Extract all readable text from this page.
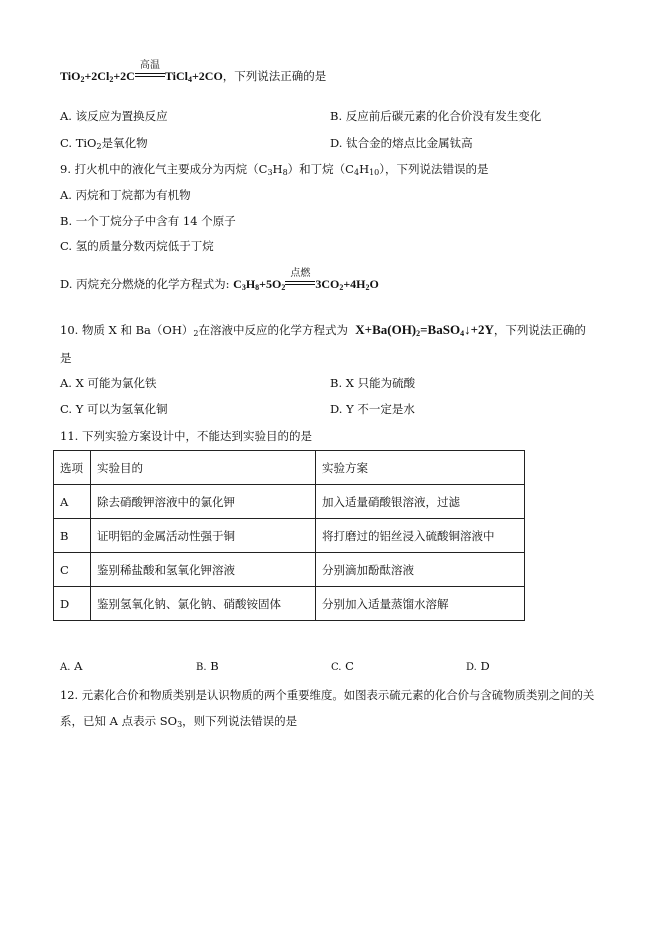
$TiO_2+2Cl_2+2C$
高温
TiCl$_4$+2CO，下列说法正确的是
A. 该反应为置换反应	B. 反应前后碳元素的化合价没有发生变化
C. TiO$_2$是氧化物	D. 钛合金的熔点比金属钛高
9. 打火机中的液化气主要成分为丙烷$(C_3H_8)$和丁烷$(C_4H_{10})$，下列说法错误的是
A. 丙烷和丁烷都为有机物
B. 一个丁烷分子中含有 14 个原子
C. 氢的质量分数丙烷低于丁烷
D. 丙烷充分燃烧的化学方程式为: $C_3H_8+5O_2$
点燃
$3CO_2+4H_2O$
10. 物质 X 和 $Ba(OH)_2$在溶液中反应的化学方程式为 $X+Ba(OH)_2=BaSO_4↓+2Y$，下列说法正确的
是
A. X 可能为氯化铁	B. X 只能为硫酸
C. Y 可以为氢氧化铜	D. Y 不一定是水
11. 下列实验方案设计中，不能达到实验目的的是
选项	实验目的	实验方案
A	除去硝酸钾溶液中的氯化钾	加入适量硝酸银溶液，过滤
B	证明铝的金属活动性强于铜	将打磨过的铝丝浸入硫酸铜溶液中
C	鉴别稀盐酸和氢氧化钾溶液	分别滴加酚酞溶液
D	鉴别氢氧化钠、氯化钠、硝酸铵固体	分别加入适量蒸馏水溶解
A. A	B. B	C. C	D. D
12. 元素化合价和物质类别是认识物质的两个重要维度。如图表示硫元素的化合价与含硫物质类别之间的关
系，已知 A 点表示 $SO_3$，则下列说法错误的是
